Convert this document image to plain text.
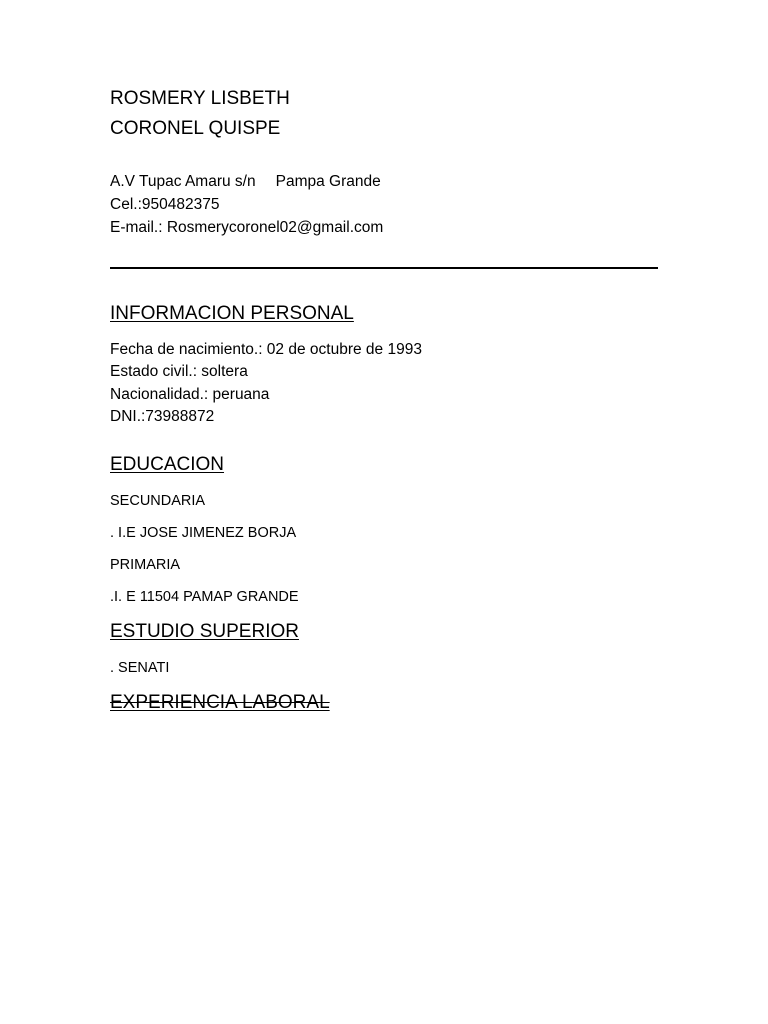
ROSMERY LISBETH
CORONEL QUISPE
A.V Tupac Amaru s/n Pampa Grande
Cel.:950482375
E-mail.: Rosmerycoronel02@gmail.com
INFORMACION PERSONAL
Fecha de nacimiento.: 02 de octubre de 1993
Estado civil.: soltera
Nacionalidad.: peruana
DNI.:73988872
EDUCACION
SECUNDARIA
. I.E JOSE JIMENEZ BORJA
PRIMARIA
.I. E 11504 PAMAP GRANDE
ESTUDIO SUPERIOR
. SENATI
EXPERIENCIA LABORAL
